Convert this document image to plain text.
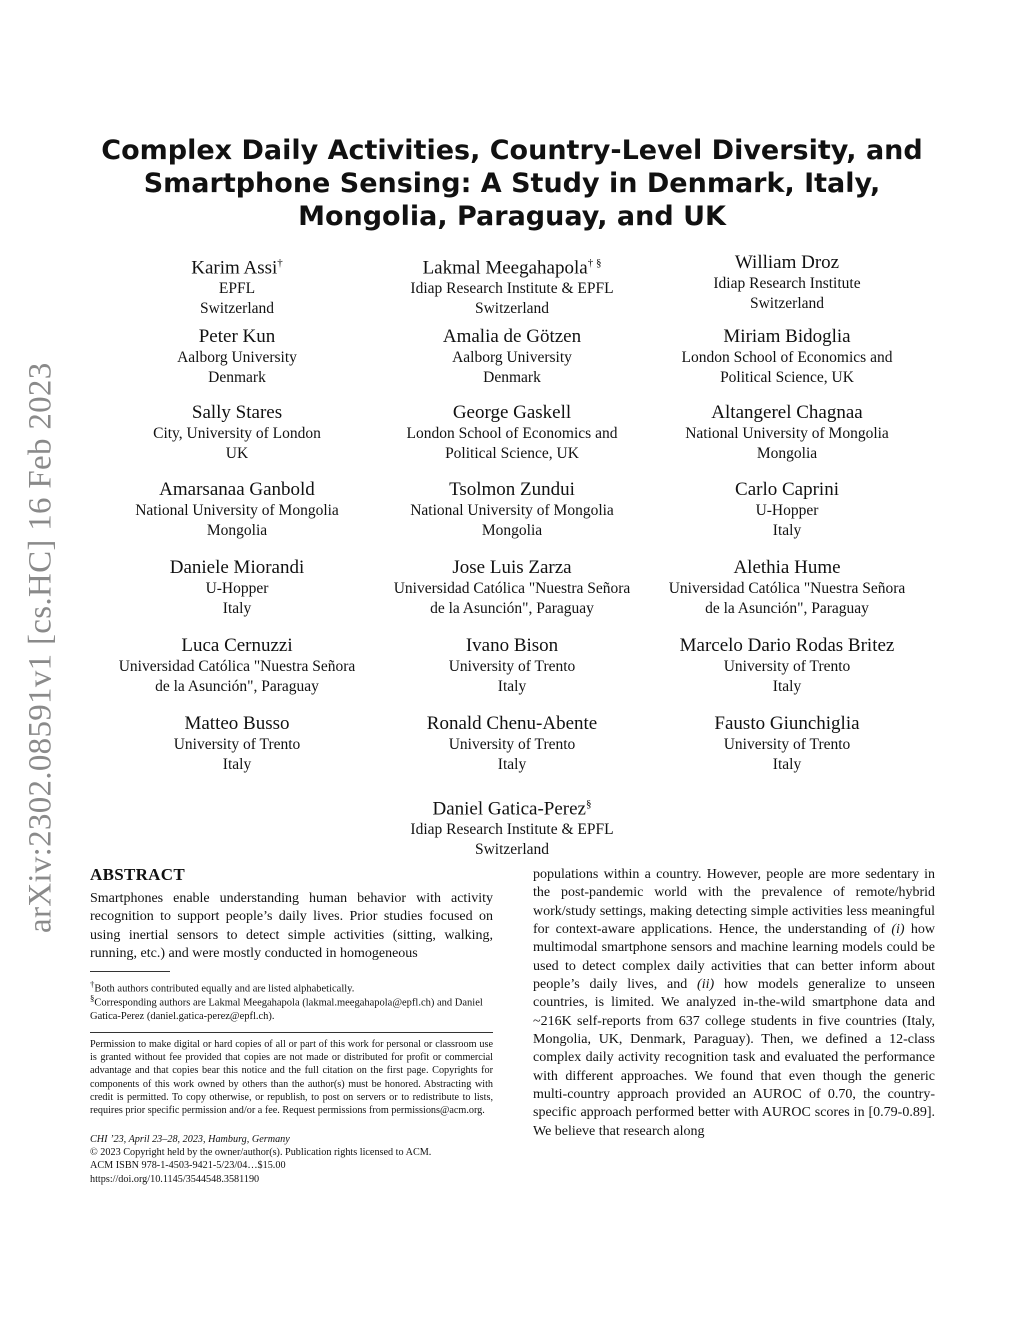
arXiv:2302.08591v1 [cs.HC] 16 Feb 2023
Complex Daily Activities, Country-Level Diversity, and Smartphone Sensing: A Study in Denmark, Italy, Mongolia, Paraguay, and UK
Karim Assi†
EPFL
Switzerland
Lakmal Meegahapola† §
Idiap Research Institute & EPFL
Switzerland
William Droz
Idiap Research Institute
Switzerland
Peter Kun
Aalborg University
Denmark
Amalia de Götzen
Aalborg University
Denmark
Miriam Bidoglia
London School of Economics and
Political Science, UK
Sally Stares
City, University of London
UK
George Gaskell
London School of Economics and
Political Science, UK
Altangerel Chagnaa
National University of Mongolia
Mongolia
Amarsanaa Ganbold
National University of Mongolia
Mongolia
Tsolmon Zundui
National University of Mongolia
Mongolia
Carlo Caprini
U-Hopper
Italy
Daniele Miorandi
U-Hopper
Italy
Jose Luis Zarza
Universidad Católica "Nuestra Señora
de la Asunción", Paraguay
Alethia Hume
Universidad Católica "Nuestra Señora
de la Asunción", Paraguay
Luca Cernuzzi
Universidad Católica "Nuestra Señora
de la Asunción", Paraguay
Ivano Bison
University of Trento
Italy
Marcelo Dario Rodas Britez
University of Trento
Italy
Matteo Busso
University of Trento
Italy
Ronald Chenu-Abente
University of Trento
Italy
Fausto Giunchiglia
University of Trento
Italy
Daniel Gatica-Perez§
Idiap Research Institute & EPFL
Switzerland
ABSTRACT

Smartphones enable understanding human behavior with activity recognition to support people’s daily lives. Prior studies focused on using inertial sensors to detect simple activities (sitting, walking, running, etc.) and were mostly conducted in homogeneous

populations within a country. However, people are more sedentary in the post-pandemic world with the prevalence of remote/hybrid work/study settings, making detecting simple activities less meaningful for context-aware applications. Hence, the understanding of (i) how multimodal smartphone sensors and machine learning models could be used to detect complex daily activities that can better inform about people’s daily lives, and (ii) how models generalize to unseen countries, is limited. We analyzed in-the-wild smartphone data and ~216K self-reports from 637 college students in five countries (Italy, Mongolia, UK, Denmark, Paraguay). Then, we defined a 12-class complex daily activity recognition task and evaluated the performance with different approaches. We found that even though the generic multi-country approach provided an AUROC of 0.70, the country-specific approach performed better with AUROC scores in [0.79-0.89]. We believe that research along

†Both authors contributed equally and are listed alphabetically.

§Corresponding authors are Lakmal Meegahapola (lakmal.meegahapola@epfl.ch) and Daniel Gatica-Perez (daniel.gatica-perez@epfl.ch).

Permission to make digital or hard copies of all or part of this work for personal or classroom use is granted without fee provided that copies are not made or distributed for profit or commercial advantage and that copies bear this notice and the full citation on the first page. Copyrights for components of this work owned by others than the author(s) must be honored. Abstracting with credit is permitted. To copy otherwise, or republish, to post on servers or to redistribute to lists, requires prior specific permission and/or a fee. Request permissions from permissions@acm.org.

CHI ’23, April 23–28, 2023, Hamburg, Germany
© 2023 Copyright held by the owner/author(s). Publication rights licensed to ACM.
ACM ISBN 978-1-4503-9421-5/23/04…$15.00
https://doi.org/10.1145/3544548.3581190
